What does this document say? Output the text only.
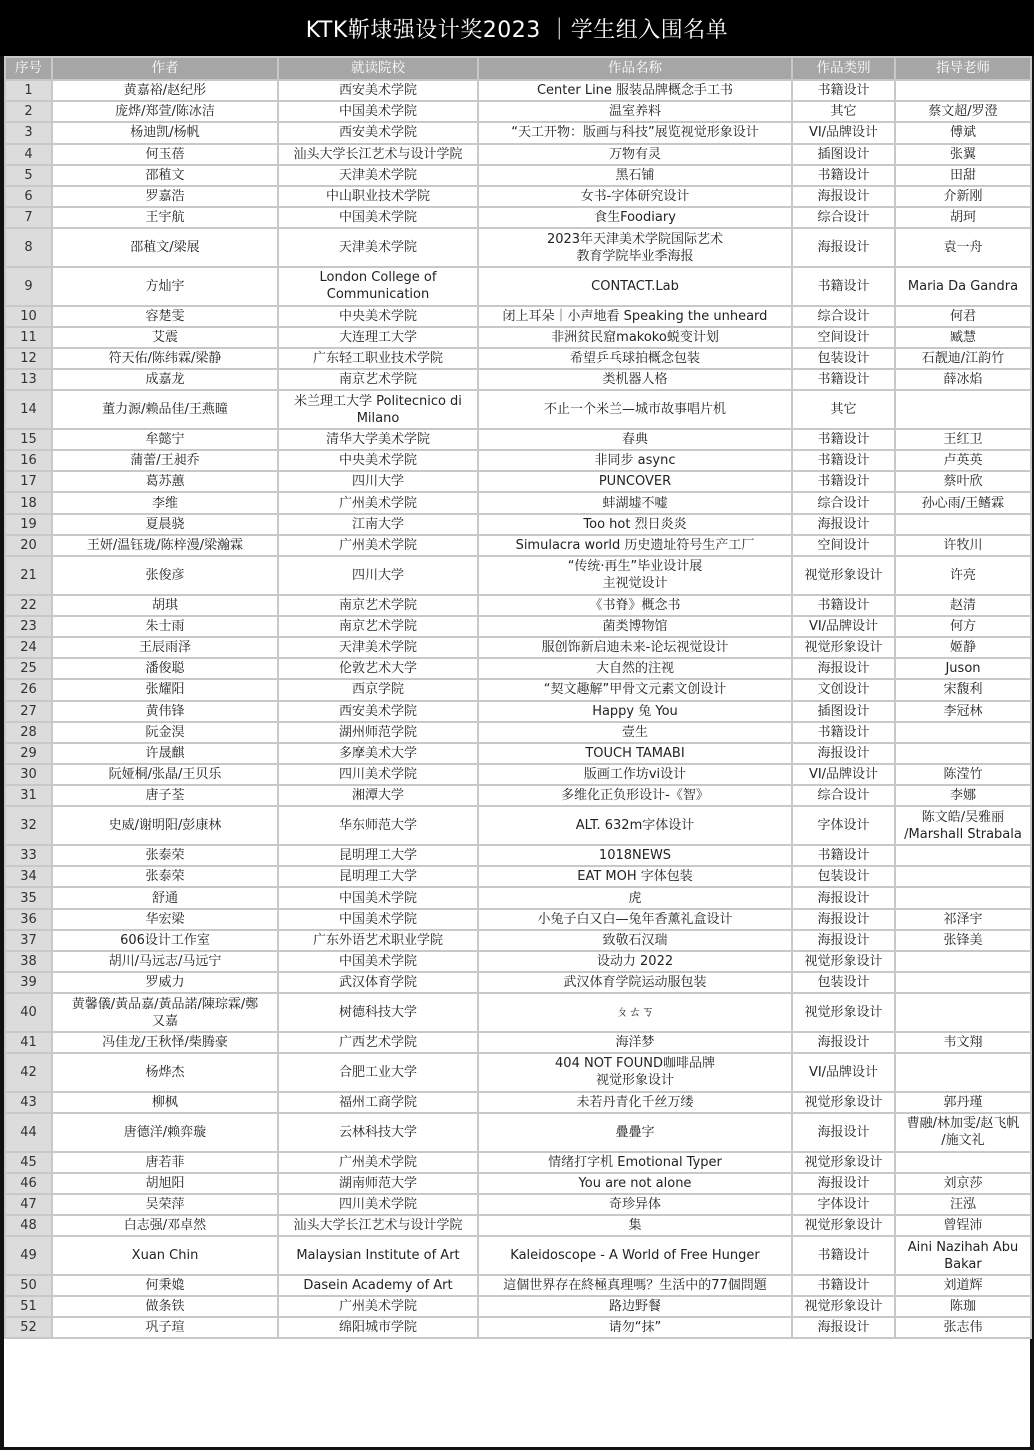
KTK靳埭强设计奖2023 ｜学生组入围名单
序号	作者	就读院校	作品名称	作品类别	指导老师
1	黄嘉裕/赵纪彤	西安美术学院	Center Line 服装品牌概念手工书	书籍设计	
2	庞烨/郑萱/陈冰洁	中国美术学院	温室养料	其它	蔡文超/罗澄
3	杨迪凯/杨帆	西安美术学院	“天工开物：版画与科技”展览视觉形象设计	VI/品牌设计	傅斌
4	何玉蓓	汕头大学长江艺术与设计学院	万物有灵	插图设计	张翼
5	邵稙文	天津美术学院	黑石铺	书籍设计	田甜
6	罗嘉浩	中山职业技术学院	女书-字体研究设计	海报设计	介新刚
7	王宇航	中国美术学院	食生Foodiary	综合设计	胡珂
8	邵稙文/梁展	天津美术学院	2023年天津美术学院国际艺术
教育学院毕业季海报	海报设计	袁一舟
9	方灿宇	London College of
Communication	CONTACT.Lab	书籍设计	Maria Da Gandra
10	容楚雯	中央美术学院	闭上耳朵｜小声地看 Speaking the unheard	综合设计	何君
11	艾震	大连理工大学	非洲贫民窟makoko蜕变计划	空间设计	臧慧
12	符天佑/陈纬霖/梁静	广东轻工职业技术学院	希望乒乓球拍概念包装	包装设计	石靓迪/江韵竹
13	成嘉龙	南京艺术学院	类机器人格	书籍设计	薛冰焰
14	董力源/赖品佳/王燕曈	米兰理工大学 Politecnico di
Milano	不止一个米兰—城市故事唱片机	其它	
15	牟懿宁	清华大学美术学院	春典	书籍设计	王红卫
16	蒲蕾/王昶乔	中央美术学院	非同步 async	书籍设计	卢英英
17	葛苏蕙	四川大学	PUNCOVER	书籍设计	蔡叶欣
18	李维	广州美术学院	蚌湖墟不嘘	综合设计	孙心雨/王鳍霖
19	夏晨骁	江南大学	Too hot 烈日炎炎	海报设计	
20	王妍/温钰珑/陈梓漫/梁瀚霖	广州美术学院	Simulacra world 历史遗址符号生产工厂	空间设计	许牧川
21	张俊彦	四川大学	“传统·再生”毕业设计展
主视觉设计	视觉形象设计	许亮
22	胡琪	南京艺术学院	《书脊》概念书	书籍设计	赵清
23	朱士雨	南京艺术学院	菌类博物馆	VI/品牌设计	何方
24	王辰雨泽	天津美术学院	服创饰新启迪未来-论坛视觉设计	视觉形象设计	姬静
25	潘俊聪	伦敦艺术大学	大自然的注视	海报设计	Juson
26	张耀阳	西京学院	“契文趣解”甲骨文元素文创设计	文创设计	宋馥利
27	黄伟锋	西安美术学院	Happy 兔 You	插图设计	李冠林
28	阮金淏	湖州师范学院	壹生	书籍设计	
29	许晟麒	多摩美术大学	TOUCH TAMABI	海报设计	
30	阮娅桐/张晶/王贝乐	四川美术学院	版画工作坊vi设计	VI/品牌设计	陈滢竹
31	唐子荃	湘潭大学	多维化正负形设计-《智》	综合设计	李娜
32	史威/谢明阳/彭康林	华东师范大学	ALT. 632m字体设计	字体设计	陈文皓/吴雅丽
/Marshall Strabala
33	张泰荣	昆明理工大学	1018NEWS	书籍设计	
34	张泰荣	昆明理工大学	EAT MOH 字体包装	包装设计	
35	舒通	中国美术学院	虎	海报设计	
36	华宏梁	中国美术学院	小兔子白又白—兔年香薰礼盒设计	海报设计	祁泽宇
37	606设计工作室	广东外语艺术职业学院	致敬石汉瑞	海报设计	张锋美
38	胡川/马远志/马远宁	中国美术学院	设动力 2022	视觉形象设计	
39	罗威力	武汉体育学院	武汉体育学院运动服包装	包装设计	
40	黄馨儀/黃品嘉/黃品諾/陳琮霖/鄭
又嘉	树德科技大学	ㄆㄊㄎ	视觉形象设计	
41	冯佳龙/王秋怿/柴腾豪	广西艺术学院	海洋梦	海报设计	韦文翔
42	杨烨杰	合肥工业大学	404 NOT FOUND咖啡品牌
视觉形象设计	VI/品牌设计	
43	柳枫	福州工商学院	未若丹青化千丝万缕	视觉形象设计	郭丹瑾
44	唐德洋/赖弈璇	云林科技大学	疊疊字	海报设计	曹融/林加雯/赵飞帆
/施文礼
45	唐若菲	广州美术学院	情绪打字机 Emotional Typer	视觉形象设计	
46	胡旭阳	湖南师范大学	You are not alone	海报设计	刘京莎
47	吴荣萍	四川美术学院	奇珍异体	字体设计	汪泓
48	白志强/邓卓然	汕头大学长江艺术与设计学院	集	视觉形象设计	曾锃沛
49	Xuan Chin	Malaysian Institute of Art	Kaleidoscope - A World of Free Hunger	书籍设计	Aini Nazihah Abu
Bakar
50	何秉嫓	Dasein Academy of Art	這個世界存在終極真理嗎？生活中的77個問題	书籍设计	刘道辉
51	做条铁	广州美术学院	路边野餐	视觉形象设计	陈珈
52	巩子瑄	绵阳城市学院	请勿“抹”	海报设计	张志伟
